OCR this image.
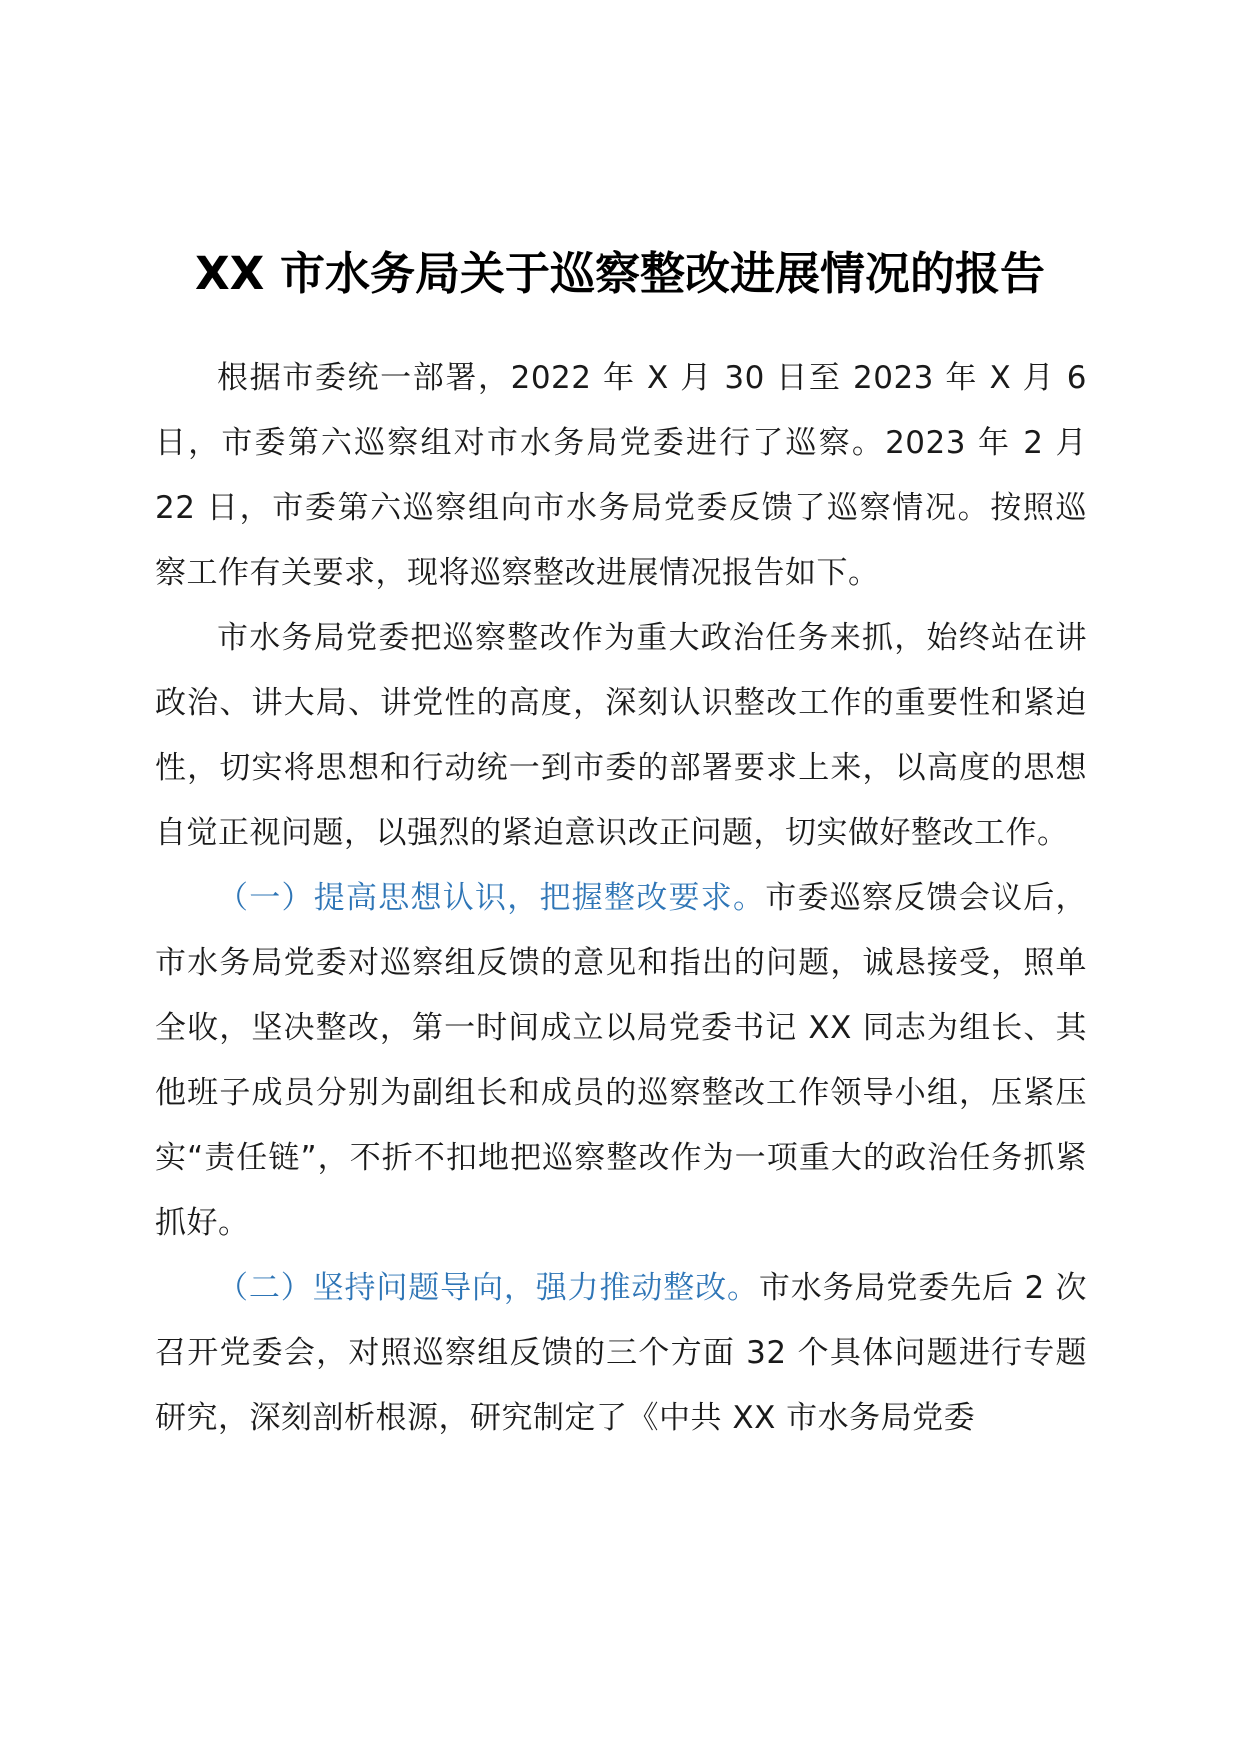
XX 市水务局关于巡察整改进展情况的报告

根据市委统一部署，2022 年 X 月 30 日至 2023 年 X 月 6 日，市委第六巡察组对市水务局党委进行了巡察。2023 年 2 月 22 日，市委第六巡察组向市水务局党委反馈了巡察情况。按照巡察工作有关要求，现将巡察整改进展情况报告如下。

市水务局党委把巡察整改作为重大政治任务来抓，始终站在讲政治、讲大局、讲党性的高度，深刻认识整改工作的重要性和紧迫性，切实将思想和行动统一到市委的部署要求上来，以高度的思想自觉正视问题，以强烈的紧迫意识改正问题，切实做好整改工作。

（一）提高思想认识，把握整改要求。市委巡察反馈会议后，市水务局党委对巡察组反馈的意见和指出的问题，诚恳接受，照单全收，坚决整改，第一时间成立以局党委书记 XX 同志为组长、其他班子成员分别为副组长和成员的巡察整改工作领导小组，压紧压实“责任链”，不折不扣地把巡察整改作为一项重大的政治任务抓紧抓好。

（二）坚持问题导向，强力推动整改。市水务局党委先后 2 次召开党委会，对照巡察组反馈的三个方面 32 个具体问题进行专题研究，深刻剖析根源，研究制定了《中共 XX 市水务局党委
